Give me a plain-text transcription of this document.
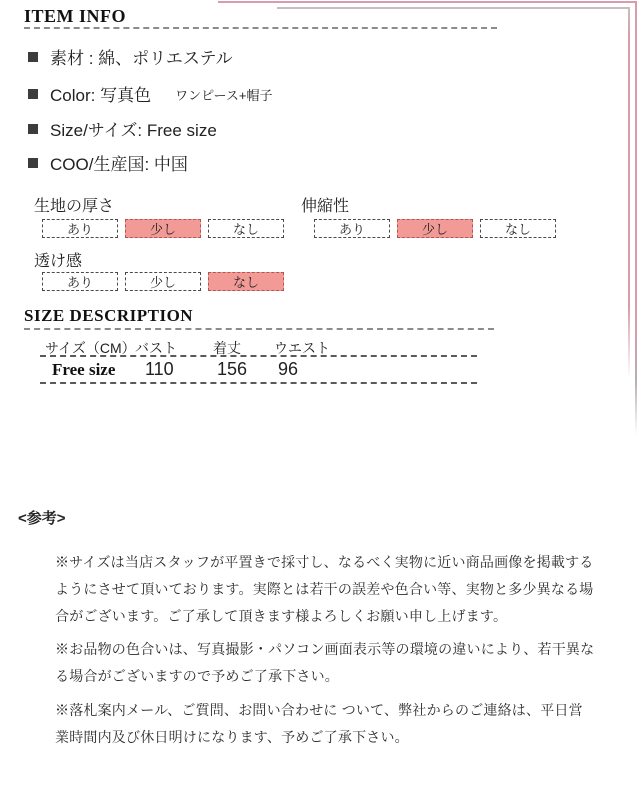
ITEM INFO
素材 : 綿、ポリエステル
Color: 写真色 ワンピース+帽子
Size/サイズ: Free size
COO/生産国: 中国
生地の厚さ
あり	少し	なし
伸縮性
あり	少し	なし
透け感
あり	少し	なし
SIZE DESCRIPTION
サイズ（CM） バスト	着丈 ウエスト
Free size 110 156 96
<参考>
※サイズは当店スタッフが平置きで採寸し、なるべく実物に近い商品画像を掲載するようにさせて頂いております。実際とは若干の誤差や色合い等、実物と多少異なる場合がございます。ご了承して頂きます様よろしくお願い申し上げます。
※お品物の色合いは、写真撮影・パソコン画面表示等の環境の違いにより、若干異なる場合がございますので予めご了承下さい。
※落札案内メール、ご質問、お問い合わせに ついて、弊社からのご連絡は、平日営業時間内及び休日明けになります、予めご了承下さい。
